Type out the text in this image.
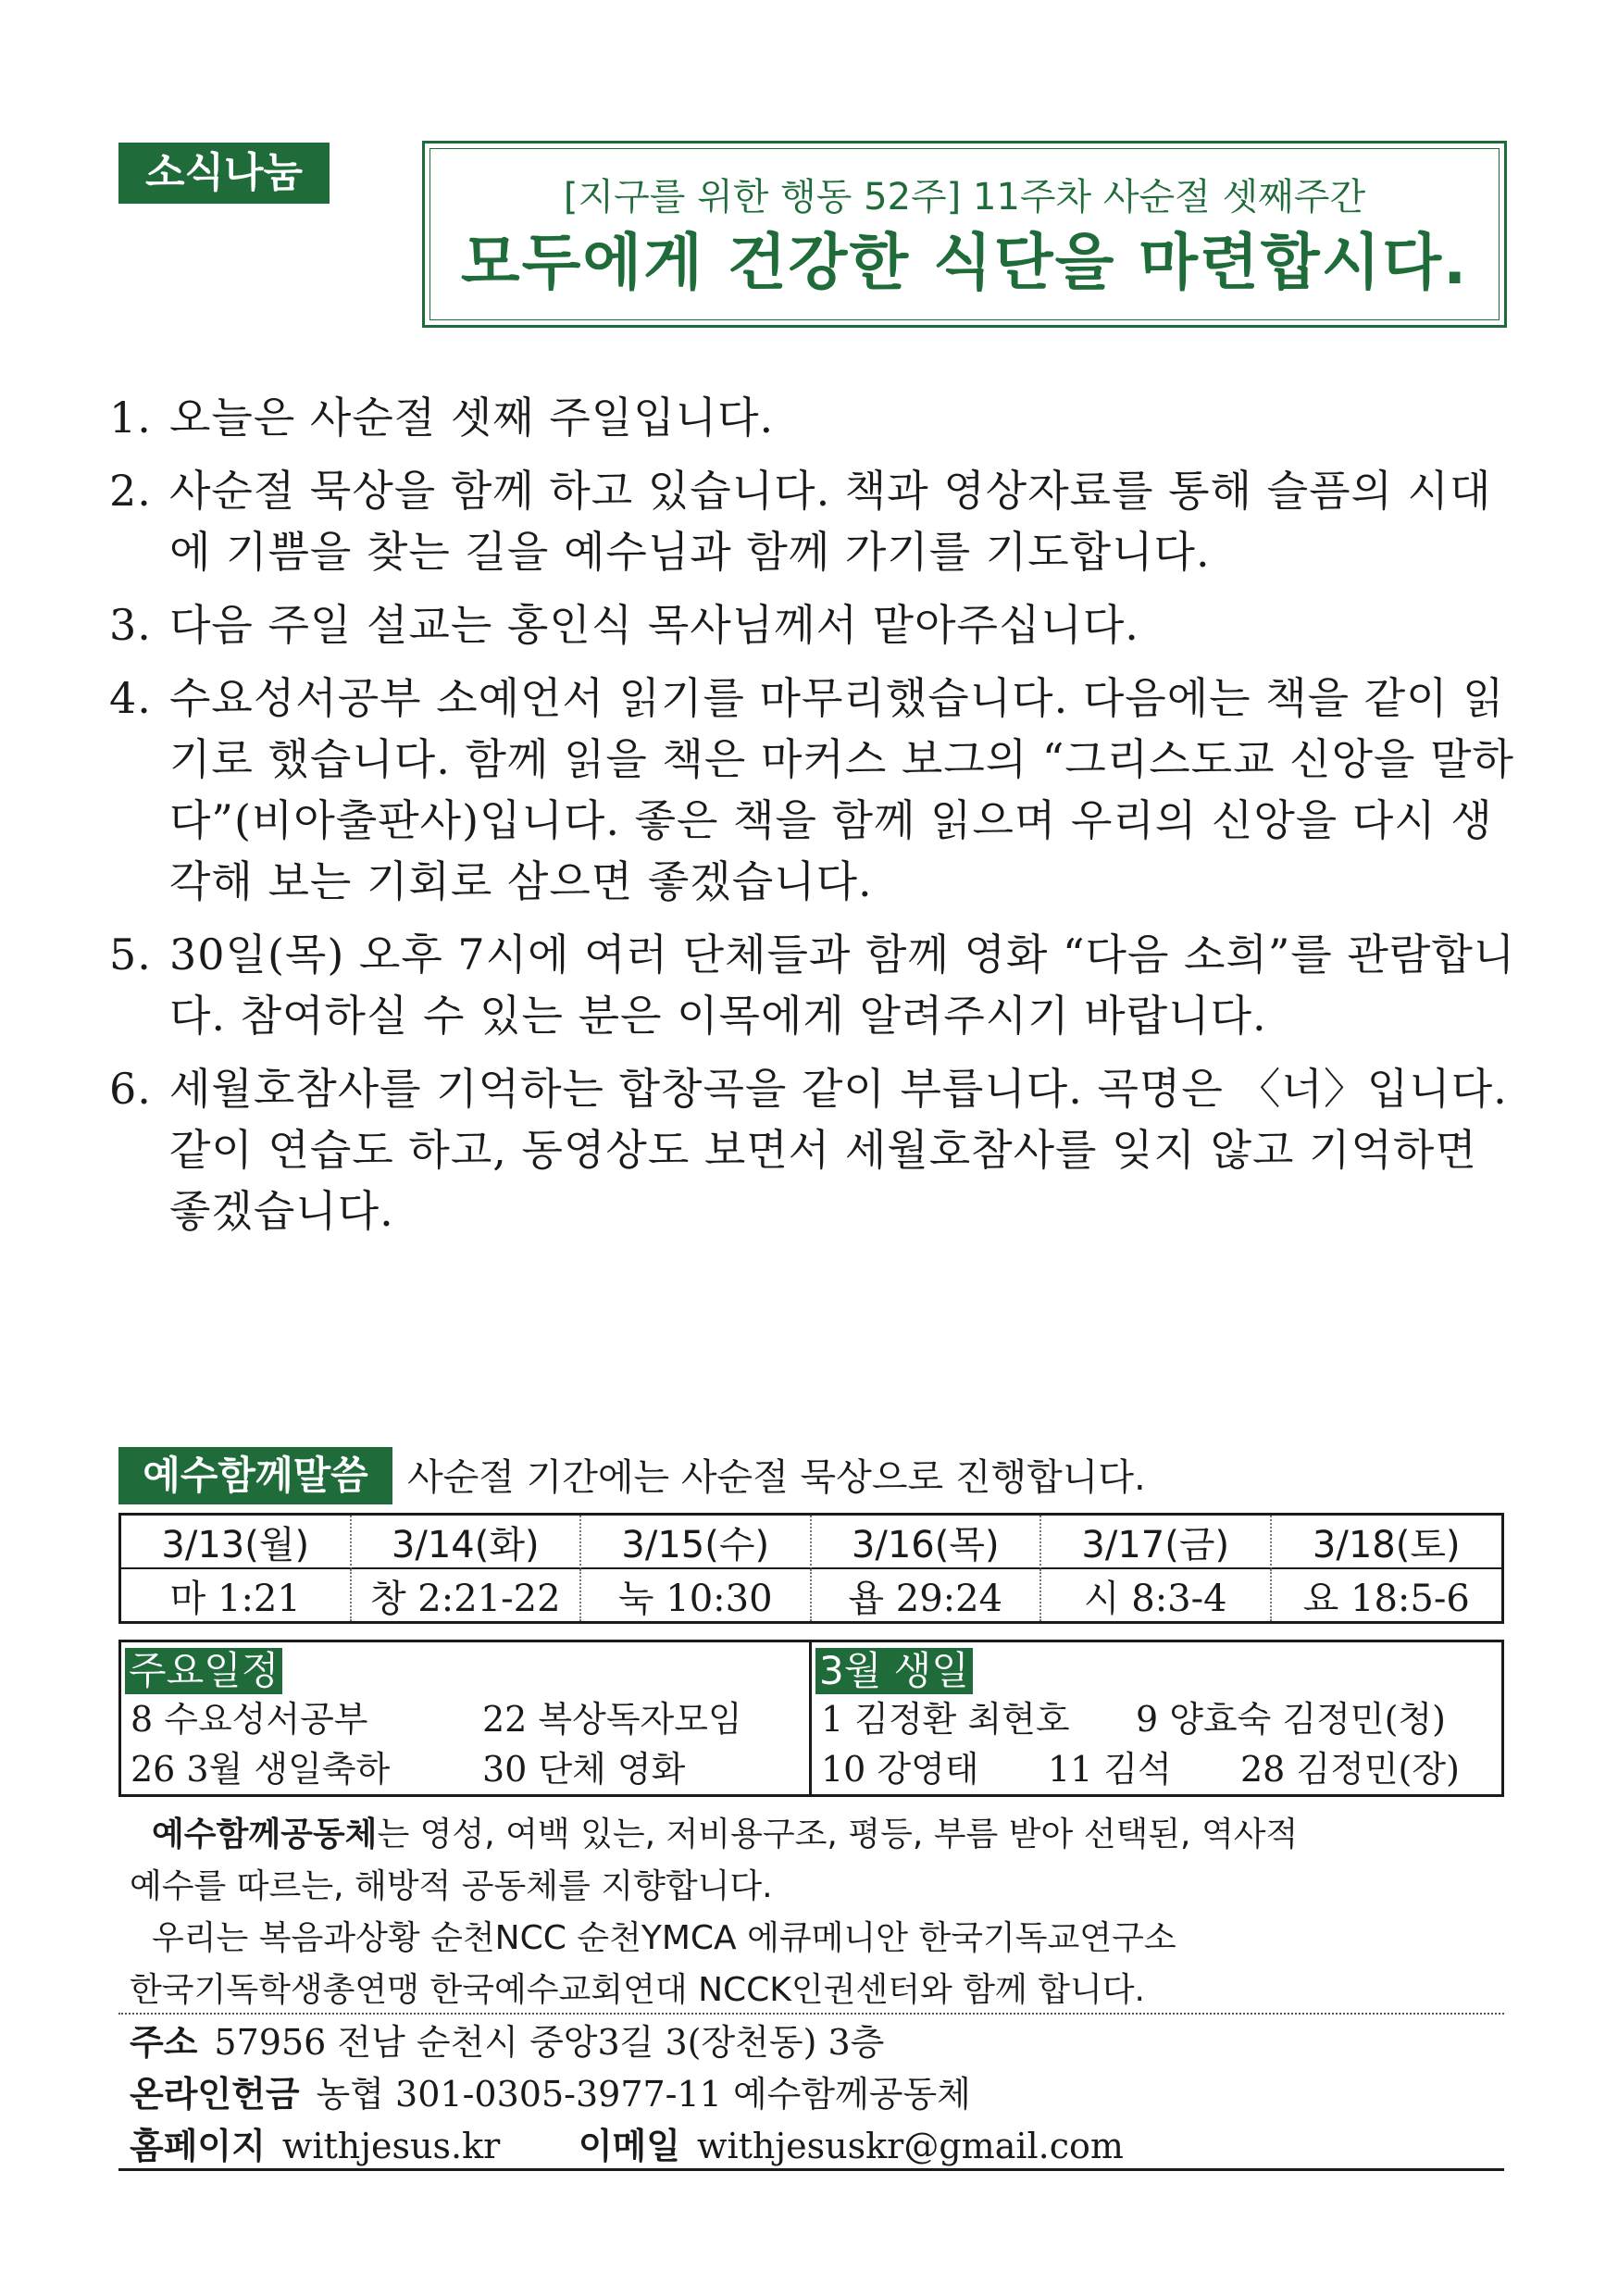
소식나눔
[지구를 위한 행동 52주] 11주차 사순절 셋째주간
모두에게 건강한 식단을 마련합시다.
1. 오늘은 사순절 셋째 주일입니다.
2. 사순절 묵상을 함께 하고 있습니다. 책과 영상자료를 통해 슬픔의 시대에 기쁨을 찾는 길을 예수님과 함께 가기를 기도합니다.
3. 다음 주일 설교는 홍인식 목사님께서 맡아주십니다.
4. 수요성서공부 소예언서 읽기를 마무리했습니다. 다음에는 책을 같이 읽기로 했습니다. 함께 읽을 책은 마커스 보그의 “그리스도교 신앙을 말하다”(비아출판사)입니다. 좋은 책을 함께 읽으며 우리의 신앙을 다시 생각해 보는 기회로 삼으면 좋겠습니다.
5. 30일(목) 오후 7시에 여러 단체들과 함께 영화 “다음 소희”를 관람합니다. 참여하실 수 있는 분은 이목에게 알려주시기 바랍니다.
6. 세월호참사를 기억하는 합창곡을 같이 부릅니다. 곡명은 〈너〉입니다. 같이 연습도 하고, 동영상도 보면서 세월호참사를 잊지 않고 기억하면 좋겠습니다.
예수함께말씀	사순절 기간에는 사순절 묵상으로 진행합니다.
3/13(월)	3/14(화)	3/15(수)	3/16(목)	3/17(금)	3/18(토)
마 1:21	창 2:21-22	눅 10:30	욥 29:24	시 8:3-4	요 18:5-6
주요일정
8 수요성서공부	22 복상독자모임
26 3월 생일축하	30 단체 영화
3월 생일
1 김정환 최현호	9 양효숙 김정민(청)
10 강영태	11 김석	28 김정민(장)

예수함께공동체는 영성, 여백 있는, 저비용구조, 평등, 부름 받아 선택된, 역사적

예수를 따르는, 해방적 공동체를 지향합니다.

우리는 복음과상황 순천NCC 순천YMCA 에큐메니안 한국기독교연구소

한국기독학생총연맹 한국예수교회연대 NCCK인권센터와 함께 합니다.

주소 57956 전남 순천시 중앙3길 3(장천동) 3층
온라인헌금 농협 301-0305-3977-11 예수함께공동체
홈페이지 withjesus.kr	이메일 withjesuskr@gmail.com
